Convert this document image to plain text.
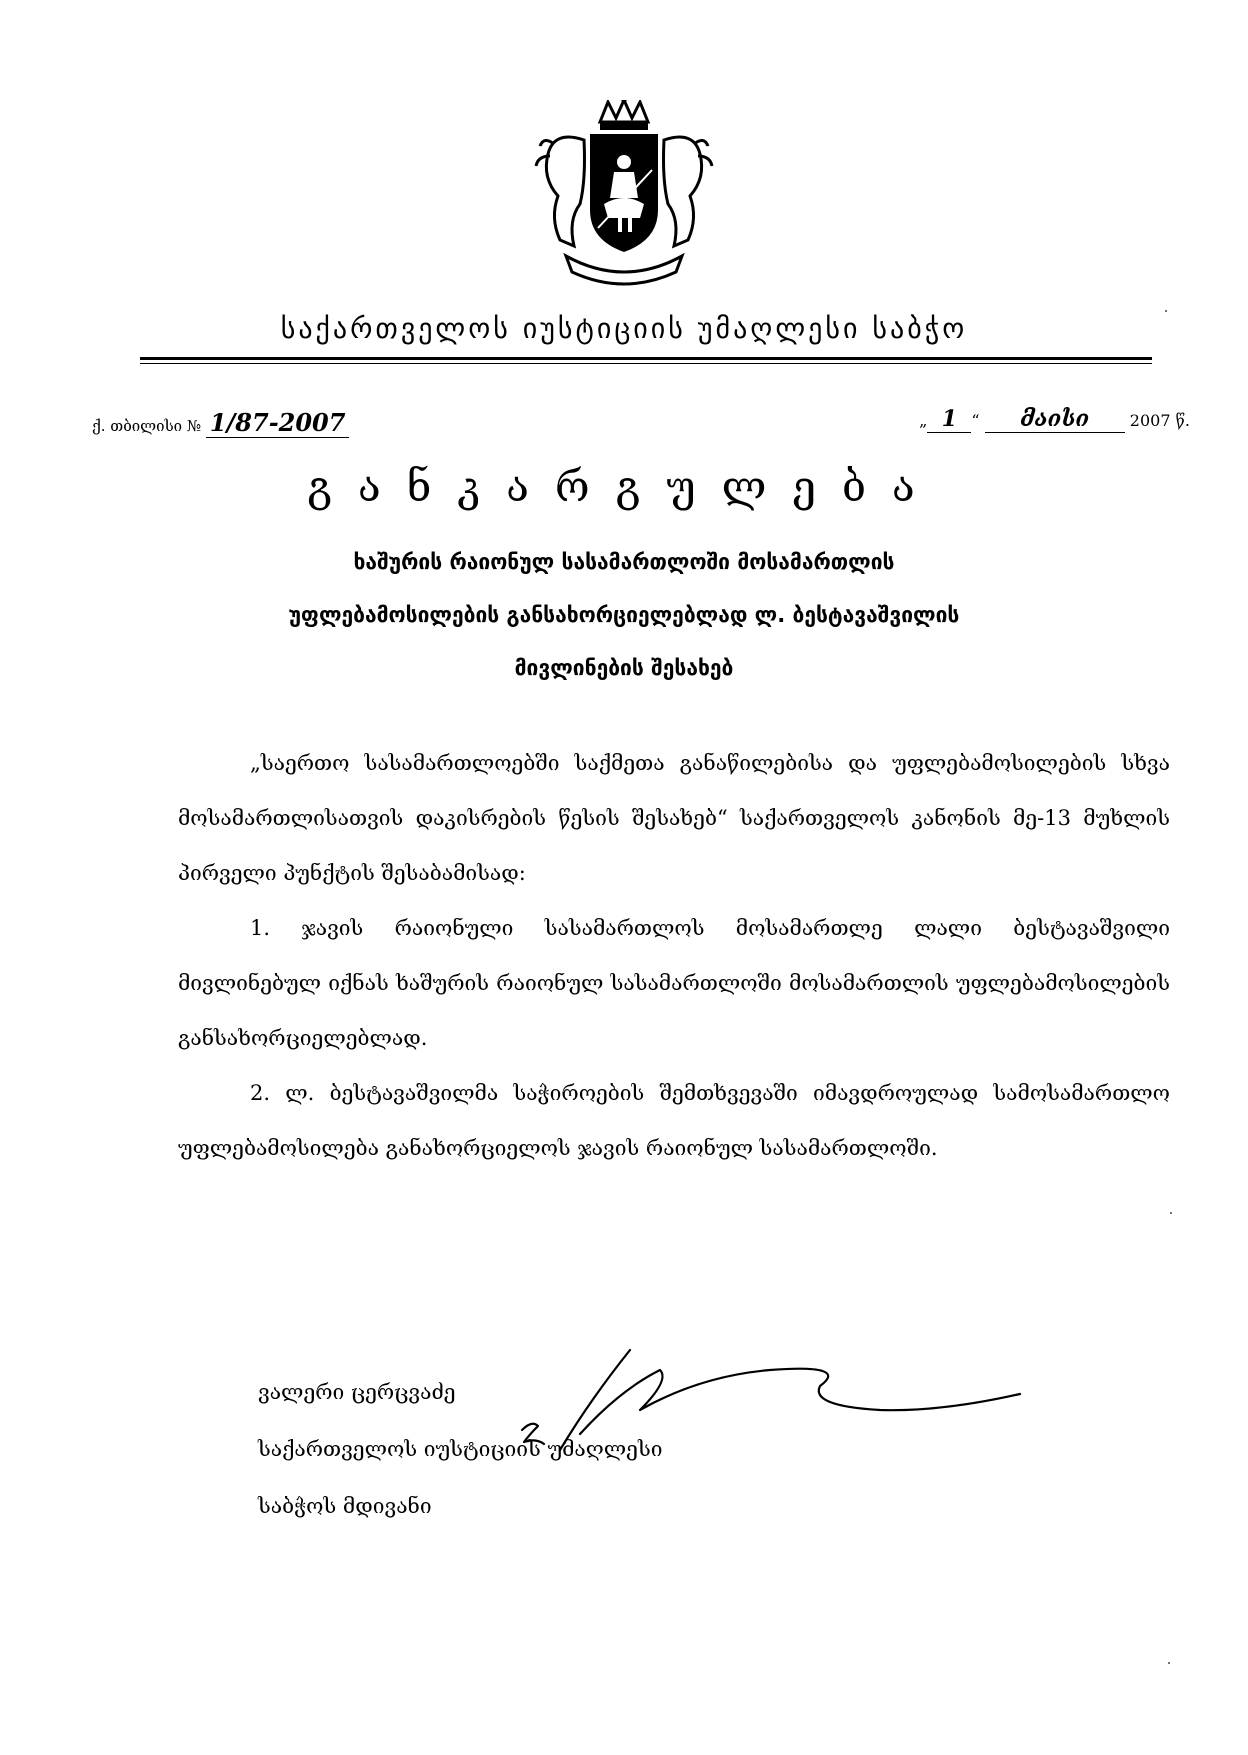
საქართველოს იუსტიციის უმაღლესი საბჭო
ქ. თბილისი № 1/87-2007	„ 1 “ მაისი	2007 წ.
განკარგულება
ხაშურის რაიონულ სასამართლოში მოსამართლის
უფლებამოსილების განსახორციელებლად ლ. ბესტავაშვილის
მივლინების შესახებ

„საერთო სასამართლოებში საქმეთა განაწილებისა და უფლებამოსილების სხვა მოსამართლისათვის დაკისრების წესის შესახებ“ საქართველოს კანონის მე-13 მუხლის პირველი პუნქტის შესაბამისად:

1. ჯავის რაიონული სასამართლოს მოსამართლე ლალი ბესტავაშვილი მივლინებულ იქნას ხაშურის რაიონულ სასამართლოში მოსამართლის უფლებამოსილების განსახორციელებლად.

2. ლ. ბესტავაშვილმა საჭიროების შემთხვევაში იმავდროულად სამოსამართლო უფლებამოსილება განახორციელოს ჯავის რაიონულ სასამართლოში.

ვალერი ცერცვაძე
საქართველოს იუსტიციის უმაღლესი
საბჭოს მდივანი
